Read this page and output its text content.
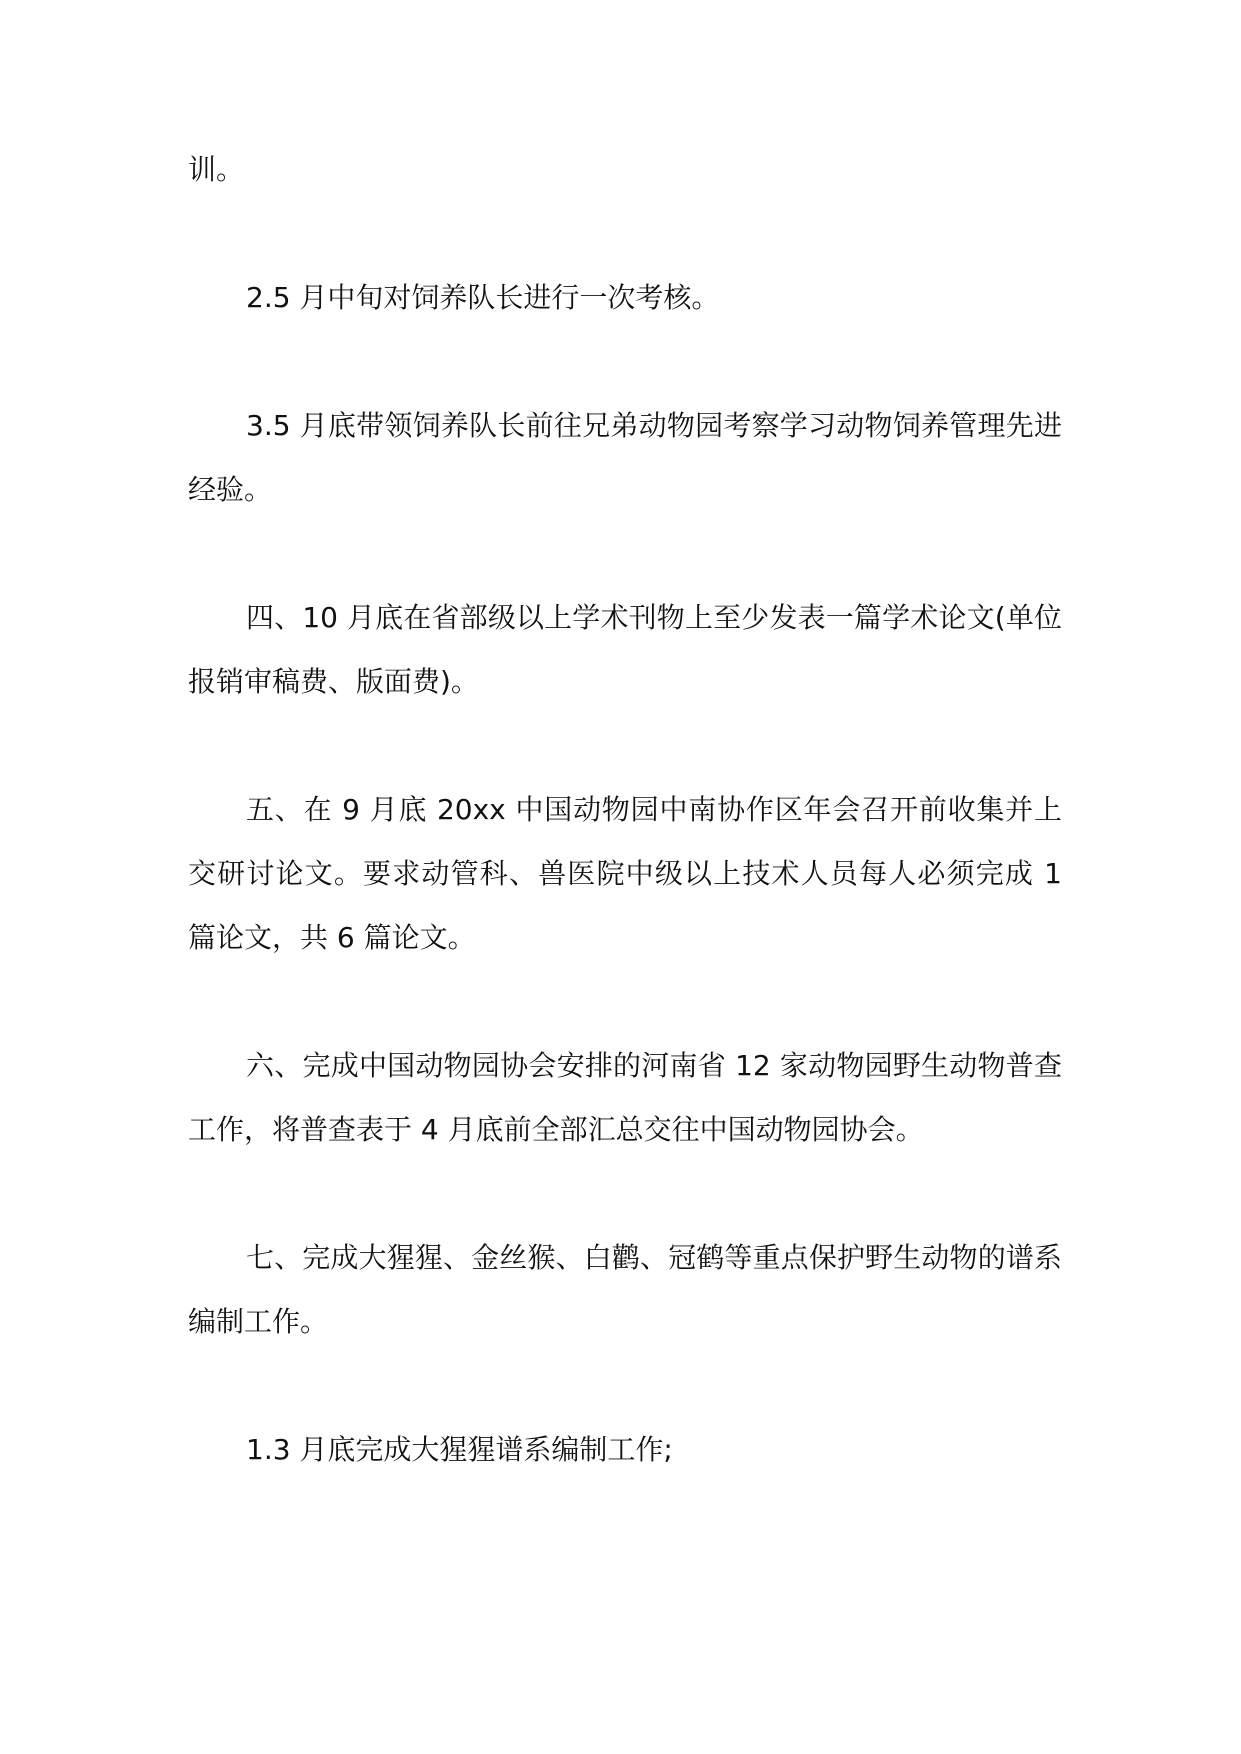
训。

2.5 月中旬对饲养队长进行一次考核。

3.5 月底带领饲养队长前往兄弟动物园考察学习动物饲养管理先进经验。

四、10 月底在省部级以上学术刊物上至少发表一篇学术论文(单位报销审稿费、版面费)。

五、在 9 月底 20xx 中国动物园中南协作区年会召开前收集并上交研讨论文。要求动管科、兽医院中级以上技术人员每人必须完成 1 篇论文，共 6 篇论文。

六、完成中国动物园协会安排的河南省 12 家动物园野生动物普查工作，将普查表于 4 月底前全部汇总交往中国动物园协会。

七、完成大猩猩、金丝猴、白鹳、冠鹤等重点保护野生动物的谱系编制工作。

1.3 月底完成大猩猩谱系编制工作;
